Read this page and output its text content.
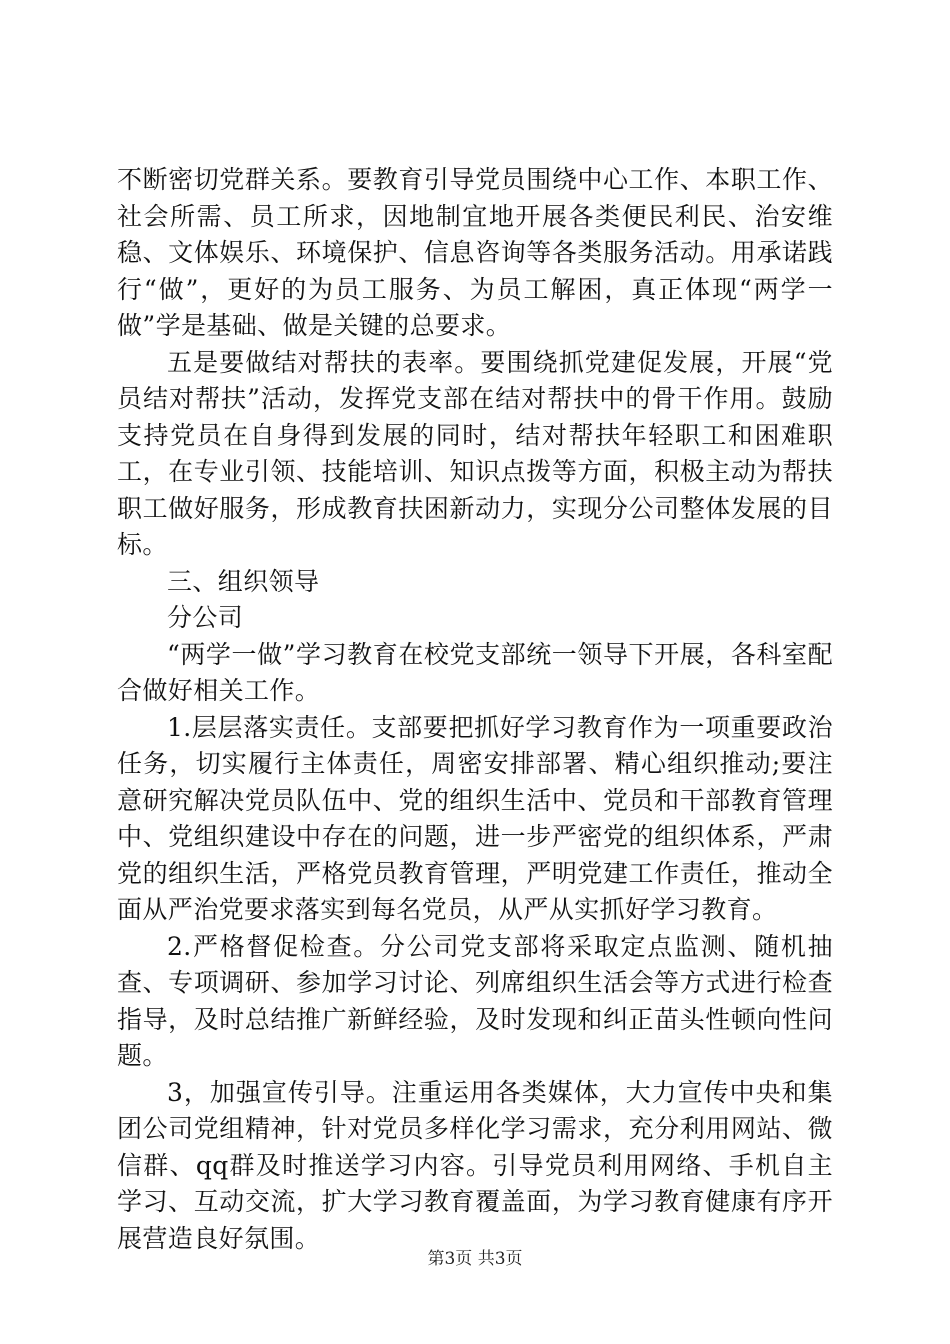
不断密切党群关系。要教育引导党员围绕中心工作、本职工作、社会所需、员工所求，因地制宜地开展各类便民利民、治安维稳、文体娱乐、环境保护、信息咨询等各类服务活动。用承诺践行“做”，更好的为员工服务、为员工解困，真正体现“两学一做”学是基础、做是关键的总要求。

五是要做结对帮扶的表率。要围绕抓党建促发展，开展“党员结对帮扶”活动，发挥党支部在结对帮扶中的骨干作用。鼓励支持党员在自身得到发展的同时，结对帮扶年轻职工和困难职工，在专业引领、技能培训、知识点拨等方面，积极主动为帮扶职工做好服务，形成教育扶困新动力，实现分公司整体发展的目标。

三、组织领导

分公司

“两学一做”学习教育在校党支部统一领导下开展，各科室配合做好相关工作。

1.层层落实责任。支部要把抓好学习教育作为一项重要政治任务，切实履行主体责任，周密安排部署、精心组织推动;要注意研究解决党员队伍中、党的组织生活中、党员和干部教育管理中、党组织建设中存在的问题，进一步严密党的组织体系，严肃党的组织生活，严格党员教育管理，严明党建工作责任，推动全面从严治党要求落实到每名党员，从严从实抓好学习教育。

2.严格督促检查。分公司党支部将采取定点监测、随机抽查、专项调研、参加学习讨论、列席组织生活会等方式进行检查指导，及时总结推广新鲜经验，及时发现和纠正苗头性顿向性问题。

3，加强宣传引导。注重运用各类媒体，大力宣传中央和集团公司党组精神，针对党员多样化学习需求，充分利用网站、微信群、qq群及时推送学习内容。引导党员利用网络、手机自主学习、互动交流，扩大学习教育覆盖面，为学习教育健康有序开展营造良好氛围。

第3页 共3页
